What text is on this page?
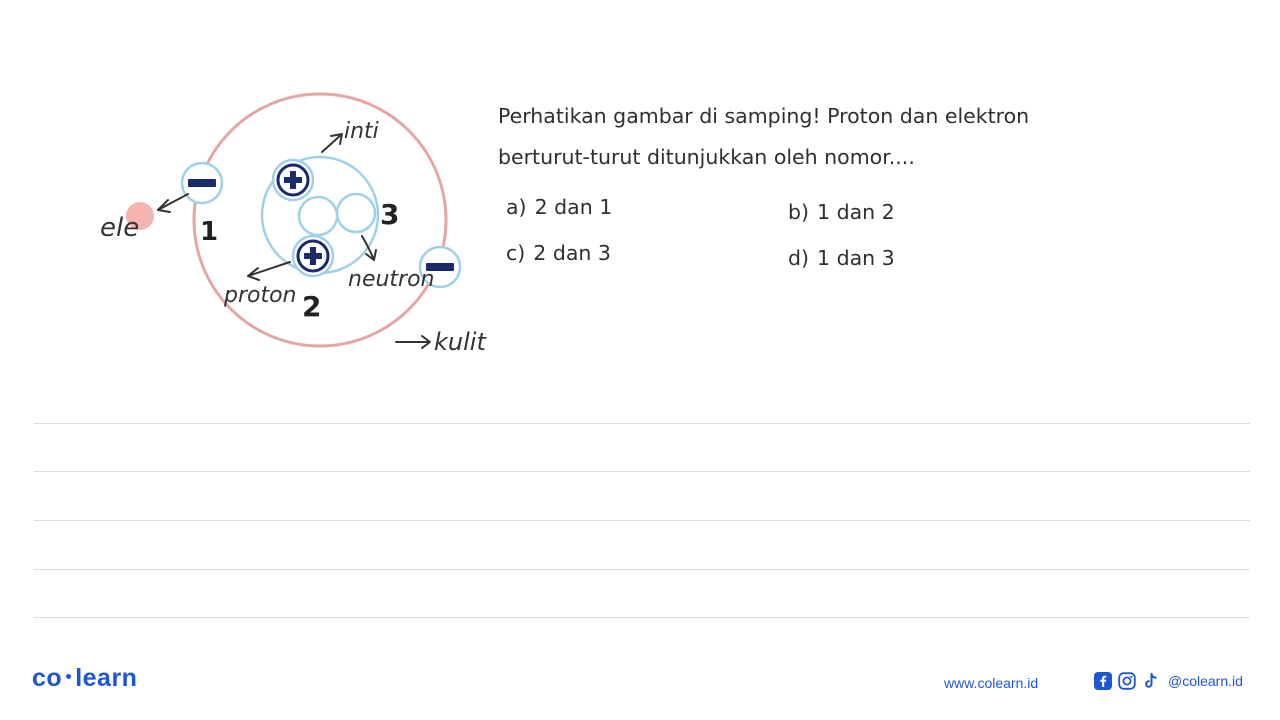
ele
inti
proton
neutron
kulit
1
2
3
Perhatikan gambar di samping! Proton dan elektron
berturut-turut ditunjukkan oleh nomor....
a) 2 dan 1	b) 1 dan 2
c) 2 dan 3	d) 1 dan 3
co learn	www.colearn.id	@colearn.id
